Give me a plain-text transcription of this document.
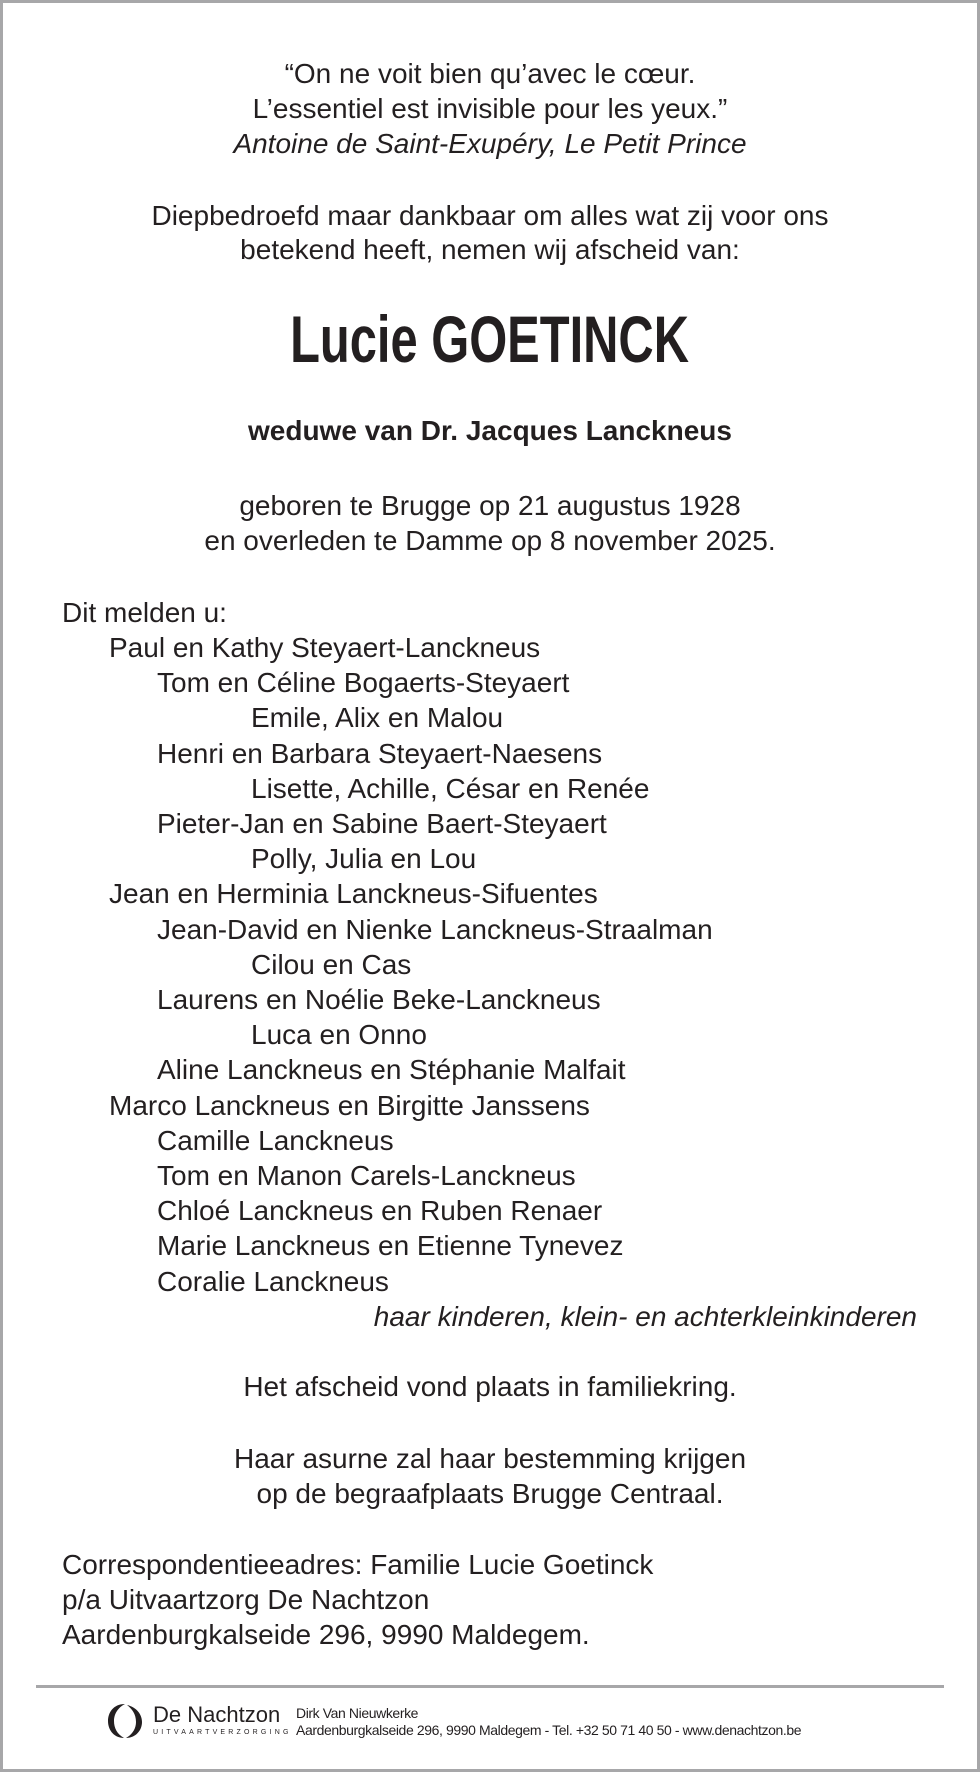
“On ne voit bien qu’avec le cœur.
L’essentiel est invisible pour les yeux.”
Antoine de Saint-Exupéry, Le Petit Prince
Diepbedroefd maar dankbaar om alles wat zij voor ons
betekend heeft, nemen wij afscheid van:
Lucie GOETINCK
weduwe van Dr. Jacques Lanckneus
geboren te Brugge op 21 augustus 1928
en overleden te Damme op 8 november 2025.
Dit melden u:
Paul en Kathy Steyaert-Lanckneus
Tom en Céline Bogaerts-Steyaert
Emile, Alix en Malou
Henri en Barbara Steyaert-Naesens
Lisette, Achille, César en Renée
Pieter-Jan en Sabine Baert-Steyaert
Polly, Julia en Lou
Jean en Herminia Lanckneus-Sifuentes
Jean-David en Nienke Lanckneus-Straalman
Cilou en Cas
Laurens en Noélie Beke-Lanckneus
Luca en Onno
Aline Lanckneus en Stéphanie Malfait
Marco Lanckneus en Birgitte Janssens
Camille Lanckneus
Tom en Manon Carels-Lanckneus
Chloé Lanckneus en Ruben Renaer
Marie Lanckneus en Etienne Tynevez
Coralie Lanckneus
haar kinderen, klein- en achterkleinkinderen
Het afscheid vond plaats in familiekring.
Haar asurne zal haar bestemming krijgen
op de begraafplaats Brugge Centraal.
Correspondentieeadres: Familie Lucie Goetinck
p/a Uitvaartzorg De Nachtzon
Aardenburgkalseide 296, 9990 Maldegem.
De Nachtzon
UITVAARTVERZORGING
Dirk Van Nieuwkerke
Aardenburgkalseide 296, 9990 Maldegem - Tel. +32 50 71 40 50 - www.denachtzon.be
